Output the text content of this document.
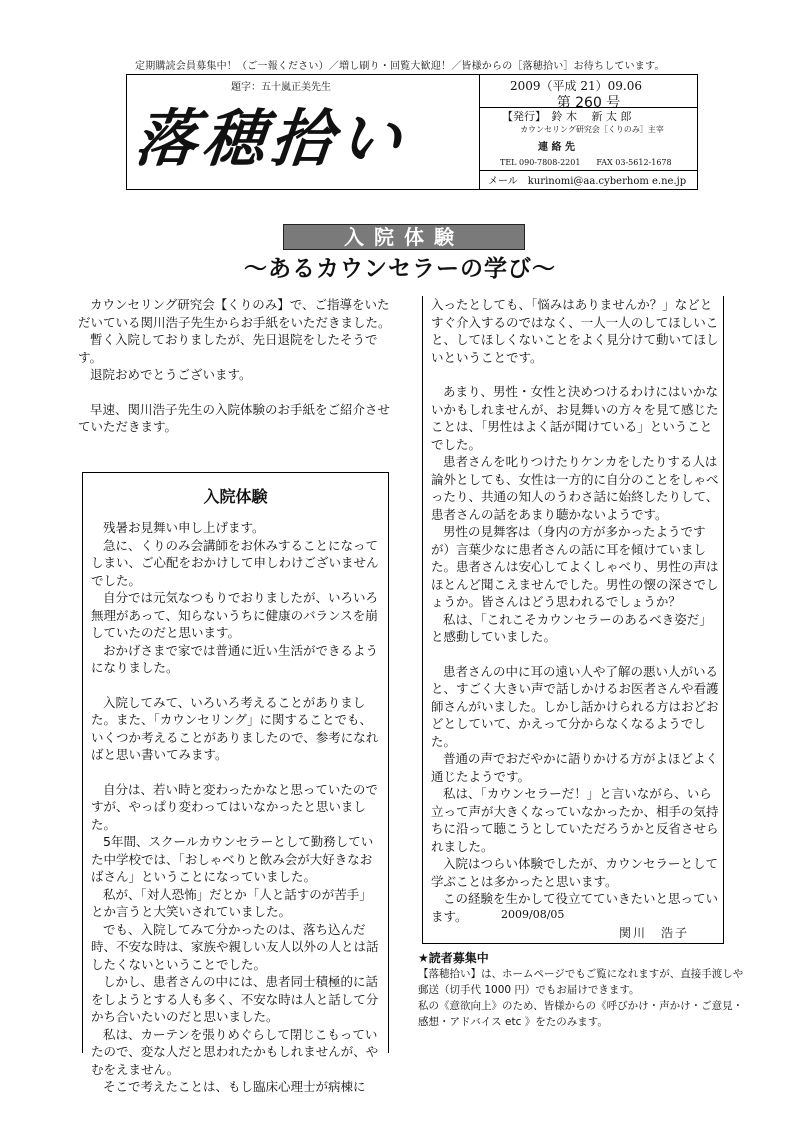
定期購読会員募集中！（ご一報ください）／増し刷り・回覧大歓迎！／皆様からの［落穂拾い］お待ちしています。
題字：五十嵐正美先生
落穂拾い
2009（平成 21）09.06
第 260 号
【発行】　鈴 木　 新 太 郎
カウンセリング研究会［くりのみ］主宰
連 絡 先
TEL 090-7808-2201　　FAX 03-5612-1678
メール　kurinomi@aa.cyberhom e.ne.jp
入院体験
～あるカウンセラーの学び～

カウンセリング研究会【くりのみ】で、ご指導をいただいている関川浩子先生からお手紙をいただきました。

暫く入院しておりましたが、先日退院をしたそうです。

退院おめでとうございます。

早速、関川浩子先生の入院体験のお手紙をご紹介させていただきます。

入院体験

残暑お見舞い申し上げます。

急に、くりのみ会講師をお休みすることになってしまい、ご心配をおかけして申しわけございませんでした。

自分では元気なつもりでおりましたが、いろいろ無理があって、知らないうちに健康のバランスを崩していたのだと思います。

おかげさまで家では普通に近い生活ができるようになりました。

入院してみて、いろいろ考えることがありました。また、「カウンセリング」に関することでも、いくつか考えることがありましたので、参考になればと思い書いてみます。

自分は、若い時と変わったかなと思っていたのですが、やっぱり変わってはいなかったと思いました。

5年間、スクールカウンセラーとして勤務していた中学校では、「おしゃべりと飲み会が大好きなおばさん」ということになっていました。

私が、「対人恐怖」だとか「人と話すのが苦手」とか言うと大笑いされていました。

でも、入院してみて分かったのは、落ち込んだ時、不安な時は、家族や親しい友人以外の人とは話したくないということでした。

しかし、患者さんの中には、患者同士積極的に話をしようとする人も多く、不安な時は人と話して分かち合いたいのだと思いました。

私は、カーテンを張りめぐらして閉じこもっていたので、変な人だと思われたかもしれませんが、やむをえません。

そこで考えたことは、もし臨床心理士が病棟に

入ったとしても、「悩みはありませんか？」などとすぐ介入するのではなく、一人一人のしてほしいこと、してほしくないことをよく見分けて動いてほしいということです。

あまり、男性・女性と決めつけるわけにはいかないかもしれませんが、お見舞いの方々を見て感じたことは、「男性はよく話が聞けている」ということでした。

患者さんを叱りつけたりケンカをしたりする人は論外としても、女性は一方的に自分のことをしゃべったり、共通の知人のうわさ話に始終したりして、患者さんの話をあまり聴かないようです。

男性の見舞客は（身内の方が多かったようですが）言葉少なに患者さんの話に耳を傾けていました。患者さんは安心してよくしゃべり、男性の声はほとんど聞こえませんでした。男性の懐の深さでしょうか。皆さんはどう思われるでしょうか？

私は、「これこそカウンセラーのあるべき姿だ」と感動していました。

患者さんの中に耳の遠い人や了解の悪い人がいると、すごく大きい声で話しかけるお医者さんや看護師さんがいました。しかし話かけられる方はおどおどとしていて、かえって分からなくなるようでした。

普通の声でおだやかに語りかける方がよほどよく通じたようです。

私は、「カウンセラーだ！」と言いながら、いら立って声が大きくなっていなかったか、相手の気持ちに沿って聴こうとしていただろうかと反省させられました。

入院はつらい体験でしたが、カウンセラーとして学ぶことは多かったと思います。

この経験を生かして役立てていきたいと思っています。	2009/08/05
関川　浩子
★読者募集中

【落穂拾い】は、ホームページでもご覧になれますが、直接手渡しや郵送（切手代 1000 円）でもお届けできます。

私の《意欲向上》のため、皆様からの《呼びかけ・声かけ・ご意見・感想・アドバイス etc 》をたのみます。
